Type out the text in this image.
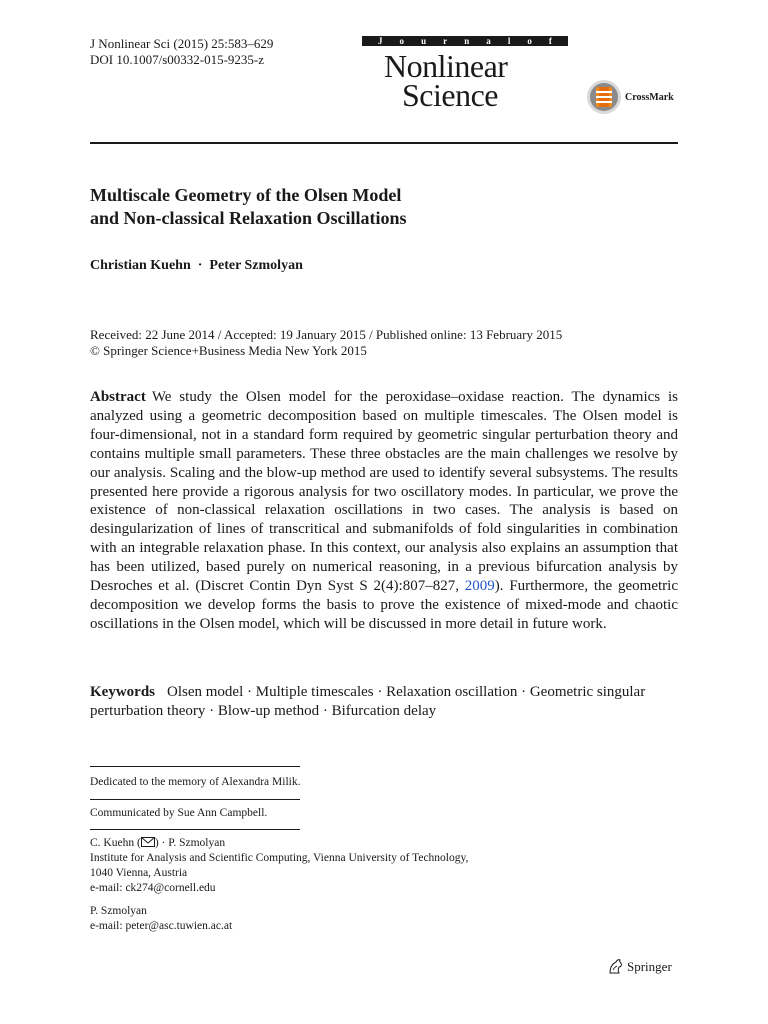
J Nonlinear Sci (2015) 25:583–629
DOI 10.1007/s00332-015-9235-z
J o u r n a l o f
Nonlinear
Science	CrossMark
Multiscale Geometry of the Olsen Model
and Non-classical Relaxation Oscillations
Christian Kuehn · Peter Szmolyan
Received: 22 June 2014 / Accepted: 19 January 2015 / Published online: 13 February 2015
© Springer Science+Business Media New York 2015

Abstract We study the Olsen model for the peroxidase–oxidase reaction. The dynamics is analyzed using a geometric decomposition based on multiple timescales. The Olsen model is four-dimensional, not in a standard form required by geometric singular perturbation theory and contains multiple small parameters. These three obstacles are the main challenges we resolve by our analysis. Scaling and the blow-up method are used to identify several subsystems. The results presented here provide a rigorous analysis for two oscillatory modes. In particular, we prove the existence of non-classical relaxation oscillations in two cases. The analysis is based on desingularization of lines of transcritical and submanifolds of fold singularities in combination with an integrable relaxation phase. In this context, our analysis also explains an assumption that has been utilized, based purely on numerical reasoning, in a previous bifurcation analysis by Desroches et al. (Discret Contin Dyn Syst S 2(4):807–827, 2009). Furthermore, the geometric decomposition we develop forms the basis to prove the existence of mixed-mode and chaotic oscillations in the Olsen model, which will be discussed in more detail in future work.

Keywords Olsen model · Multiple timescales · Relaxation oscillation · Geometric singular perturbation theory · Blow-up method · Bifurcation delay

Dedicated to the memory of Alexandra Milik.

Communicated by Sue Ann Campbell.

C. Kuehn ( ) · P. Szmolyan
Institute for Analysis and Scientific Computing, Vienna University of Technology,
1040 Vienna, Austria
e-mail: ck274@cornell.edu
P. Szmolyan
e-mail: peter@asc.tuwien.ac.at
Springer
